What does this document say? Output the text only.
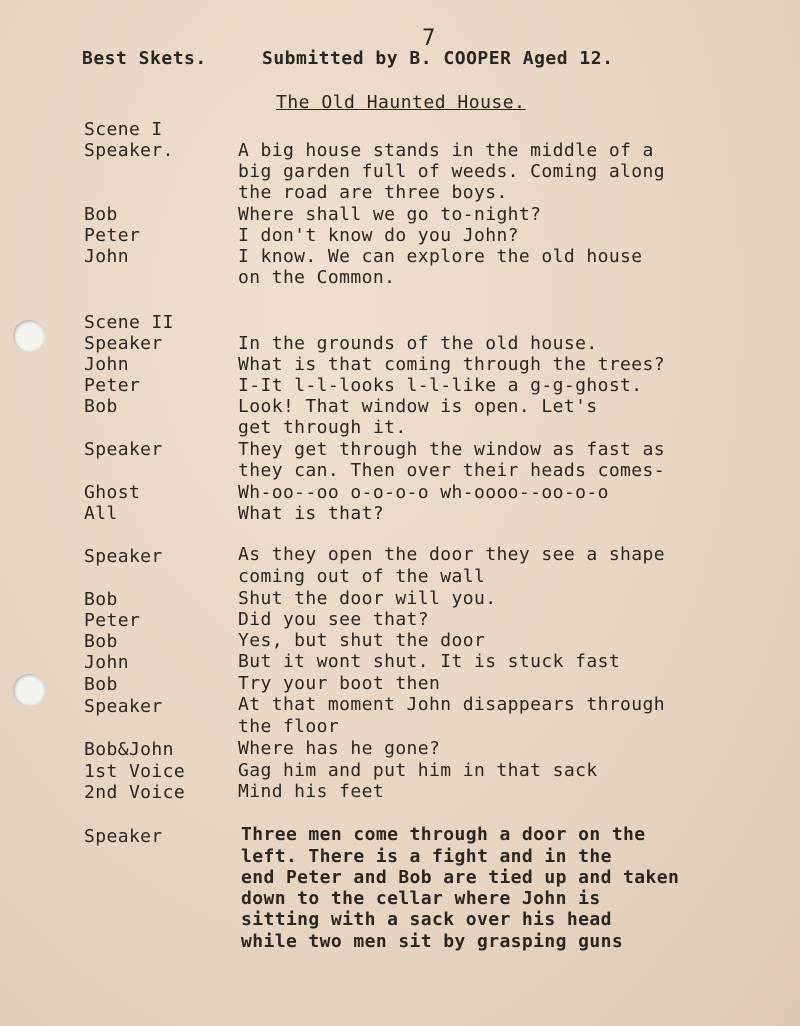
7
Best Skets.	Submitted by B. COOPER Aged 12.
The Old Haunted House.
Scene I
Speaker.	A big house stands in the middle of a
big garden full of weeds. Coming along
the road are three boys.
Bob	Where shall we go to-night?
Peter	I don't know do you John?
John	I know. We can explore the old house
on the Common.
Scene II
Speaker	In the grounds of the old house.
John	What is that coming through the trees?
Peter	I-It l-l-looks l-l-like a g-g-ghost.
Bob	Look! That window is open. Let's
get through it.
Speaker	They get through the window as fast as
they can. Then over their heads comes-
Ghost	Wh-oo--oo o-o-o-o wh-oooo--oo-o-o
All	What is that?
Speaker	As they open the door they see a shape
coming out of the wall
Bob	Shut the door will you.
Peter	Did you see that?
Bob	Yes, but shut the door
John	But it wont shut. It is stuck fast
Bob	Try your boot then
Speaker	At that moment John disappears through
the floor
Bob&John	Where has he gone?
1st Voice	Gag him and put him in that sack
2nd Voice	Mind his feet
Speaker	Three men come through a door on the
left. There is a fight and in the
end Peter and Bob are tied up and taken
down to the cellar where John is
sitting with a sack over his head
while two men sit by grasping guns
